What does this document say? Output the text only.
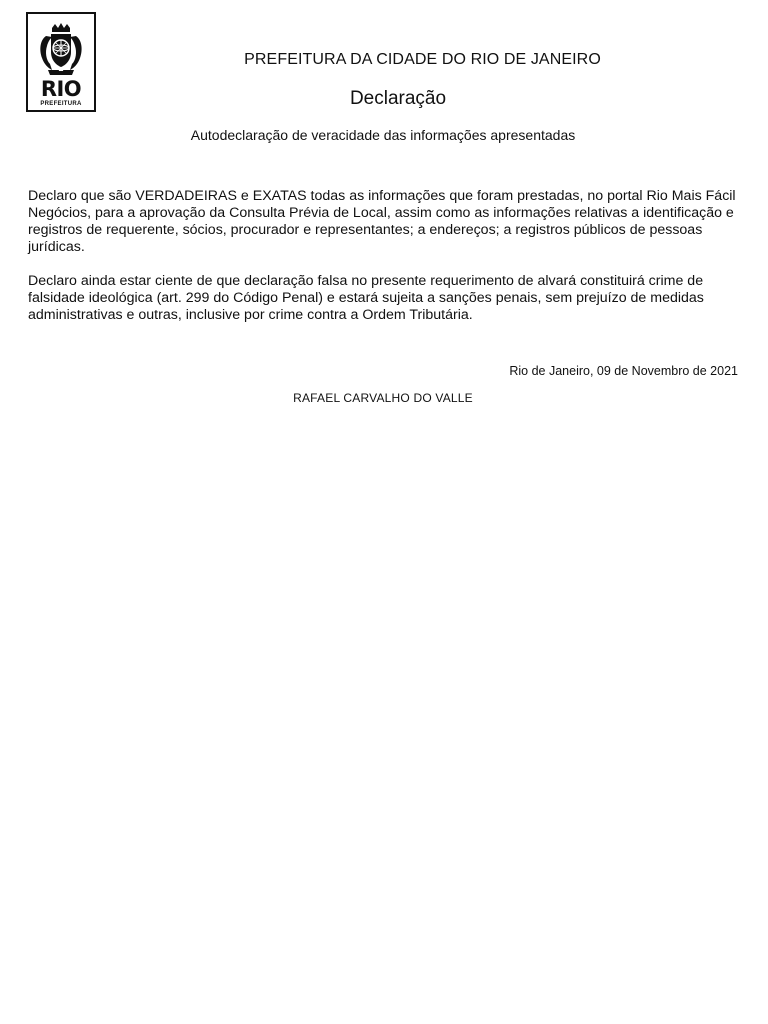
RIO
PREFEITURA
PREFEITURA DA CIDADE DO RIO DE JANEIRO
Declaração
Autodeclaração de veracidade das informações apresentadas

Declaro que são VERDADEIRAS e EXATAS todas as informações que foram prestadas, no portal Rio Mais Fácil Negócios, para a aprovação da Consulta Prévia de Local, assim como as informações relativas a identificação e registros de requerente, sócios, procurador e representantes; a endereços; a registros públicos de pessoas jurídicas.

Declaro ainda estar ciente de que declaração falsa no presente requerimento de alvará constituirá crime de falsidade ideológica (art. 299 do Código Penal) e estará sujeita a sanções penais, sem prejuízo de medidas administrativas e outras, inclusive por crime contra a Ordem Tributária.

Rio de Janeiro, 09 de Novembro de 2021
RAFAEL CARVALHO DO VALLE
